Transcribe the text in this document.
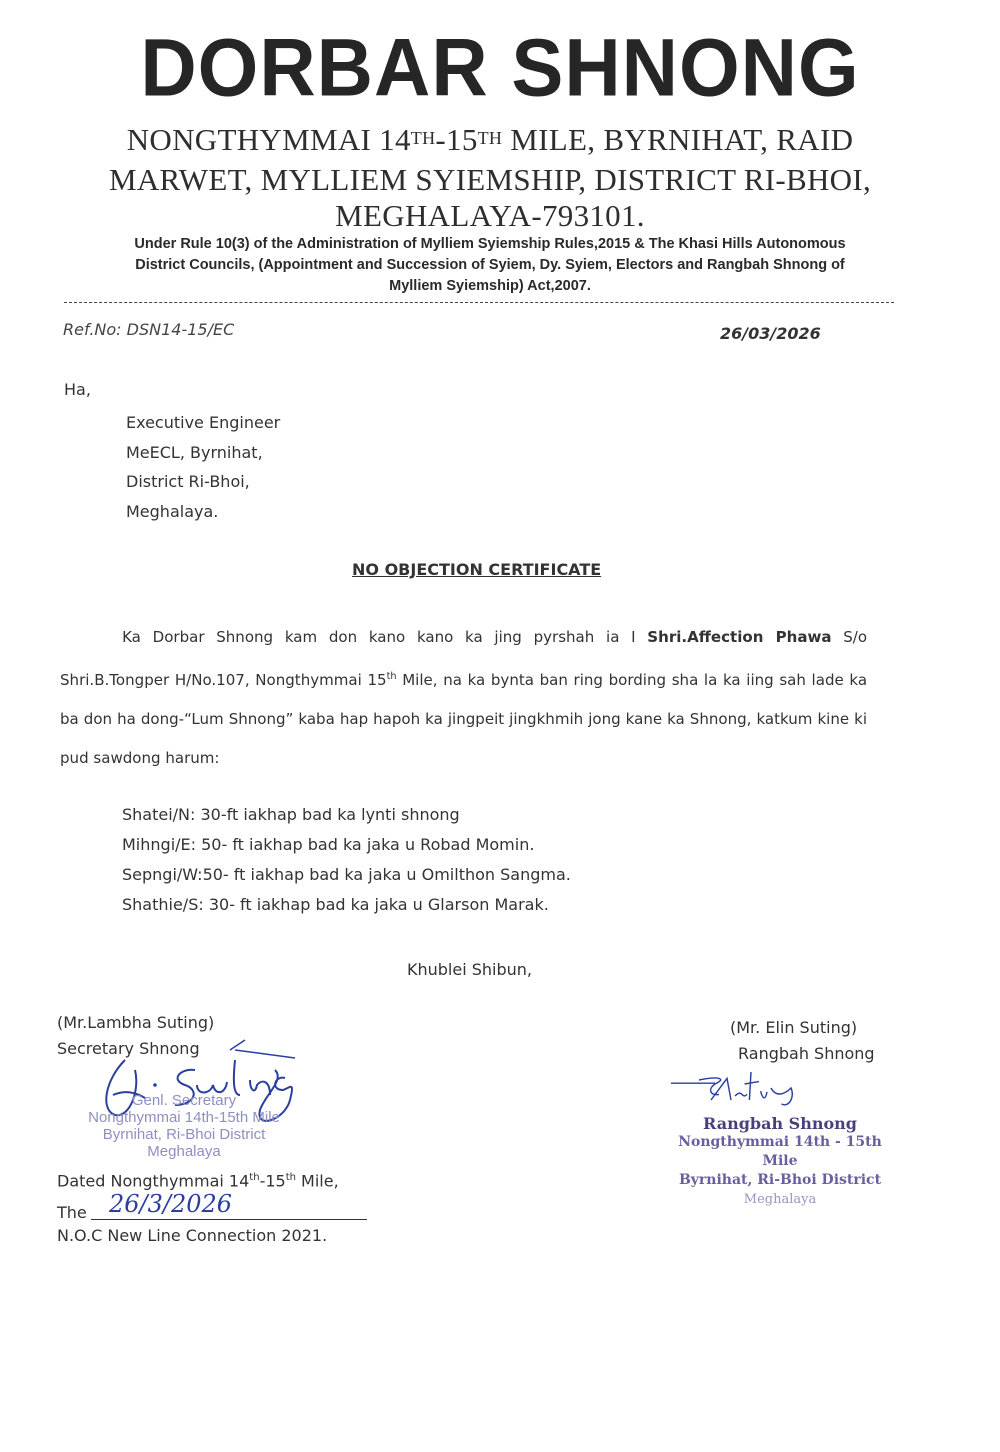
DORBAR SHNONG
NONGTHYMMAI 14TH-15TH MILE, BYRNIHAT, RAID
MARWET, MYLLIEM SYIEMSHIP, DISTRICT RI-BHOI,
MEGHALAYA-793101.
Under Rule 10(3) of the Administration of Mylliem Syiemship Rules,2015 & The Khasi Hills Autonomous
District Councils, (Appointment and Succession of Syiem, Dy. Syiem, Electors and Rangbah Shnong of
Mylliem Syiemship) Act,2007.
Ref.No: DSN14-15/EC	26/03/2026
Ha,
Executive Engineer
MeECL, Byrnihat,
District Ri-Bhoi,
Meghalaya.
NO OBJECTION CERTIFICATE
Ka Dorbar Shnong kam don kano kano ka jing pyrshah ia I Shri.Affection Phawa S/o Shri.B.Tongper H/No.107, Nongthymmai 15th Mile, na ka bynta ban ring bording sha la ka iing sah lade ka ba don ha dong-“Lum Shnong” kaba hap hapoh ka jingpeit jingkhmih jong kane ka Shnong, katkum kine ki pud sawdong harum:
Shatei/N: 30-ft iakhap bad ka lynti shnong
Mihngi/E: 50- ft iakhap bad ka jaka u Robad Momin.
Sepngi/W:50- ft iakhap bad ka jaka u Omilthon Sangma.
Shathie/S: 30- ft iakhap bad ka jaka u Glarson Marak.
Khublei Shibun,
(Mr.Lambha Suting)
Secretary Shnong
Genl. Secretary
Nongthymmai 14th-15th Mile
Byrnihat, Ri-Bhoi District
Meghalaya
Dated Nongthymmai 14th-15th Mile,
The 26/3/2026
N.O.C New Line Connection 2021.
(Mr. Elin Suting)
Rangbah Shnong
Rangbah Shnong
Nongthymmai 14th - 15th Mile
Byrnihat, Ri-Bhoi District
Meghalaya
